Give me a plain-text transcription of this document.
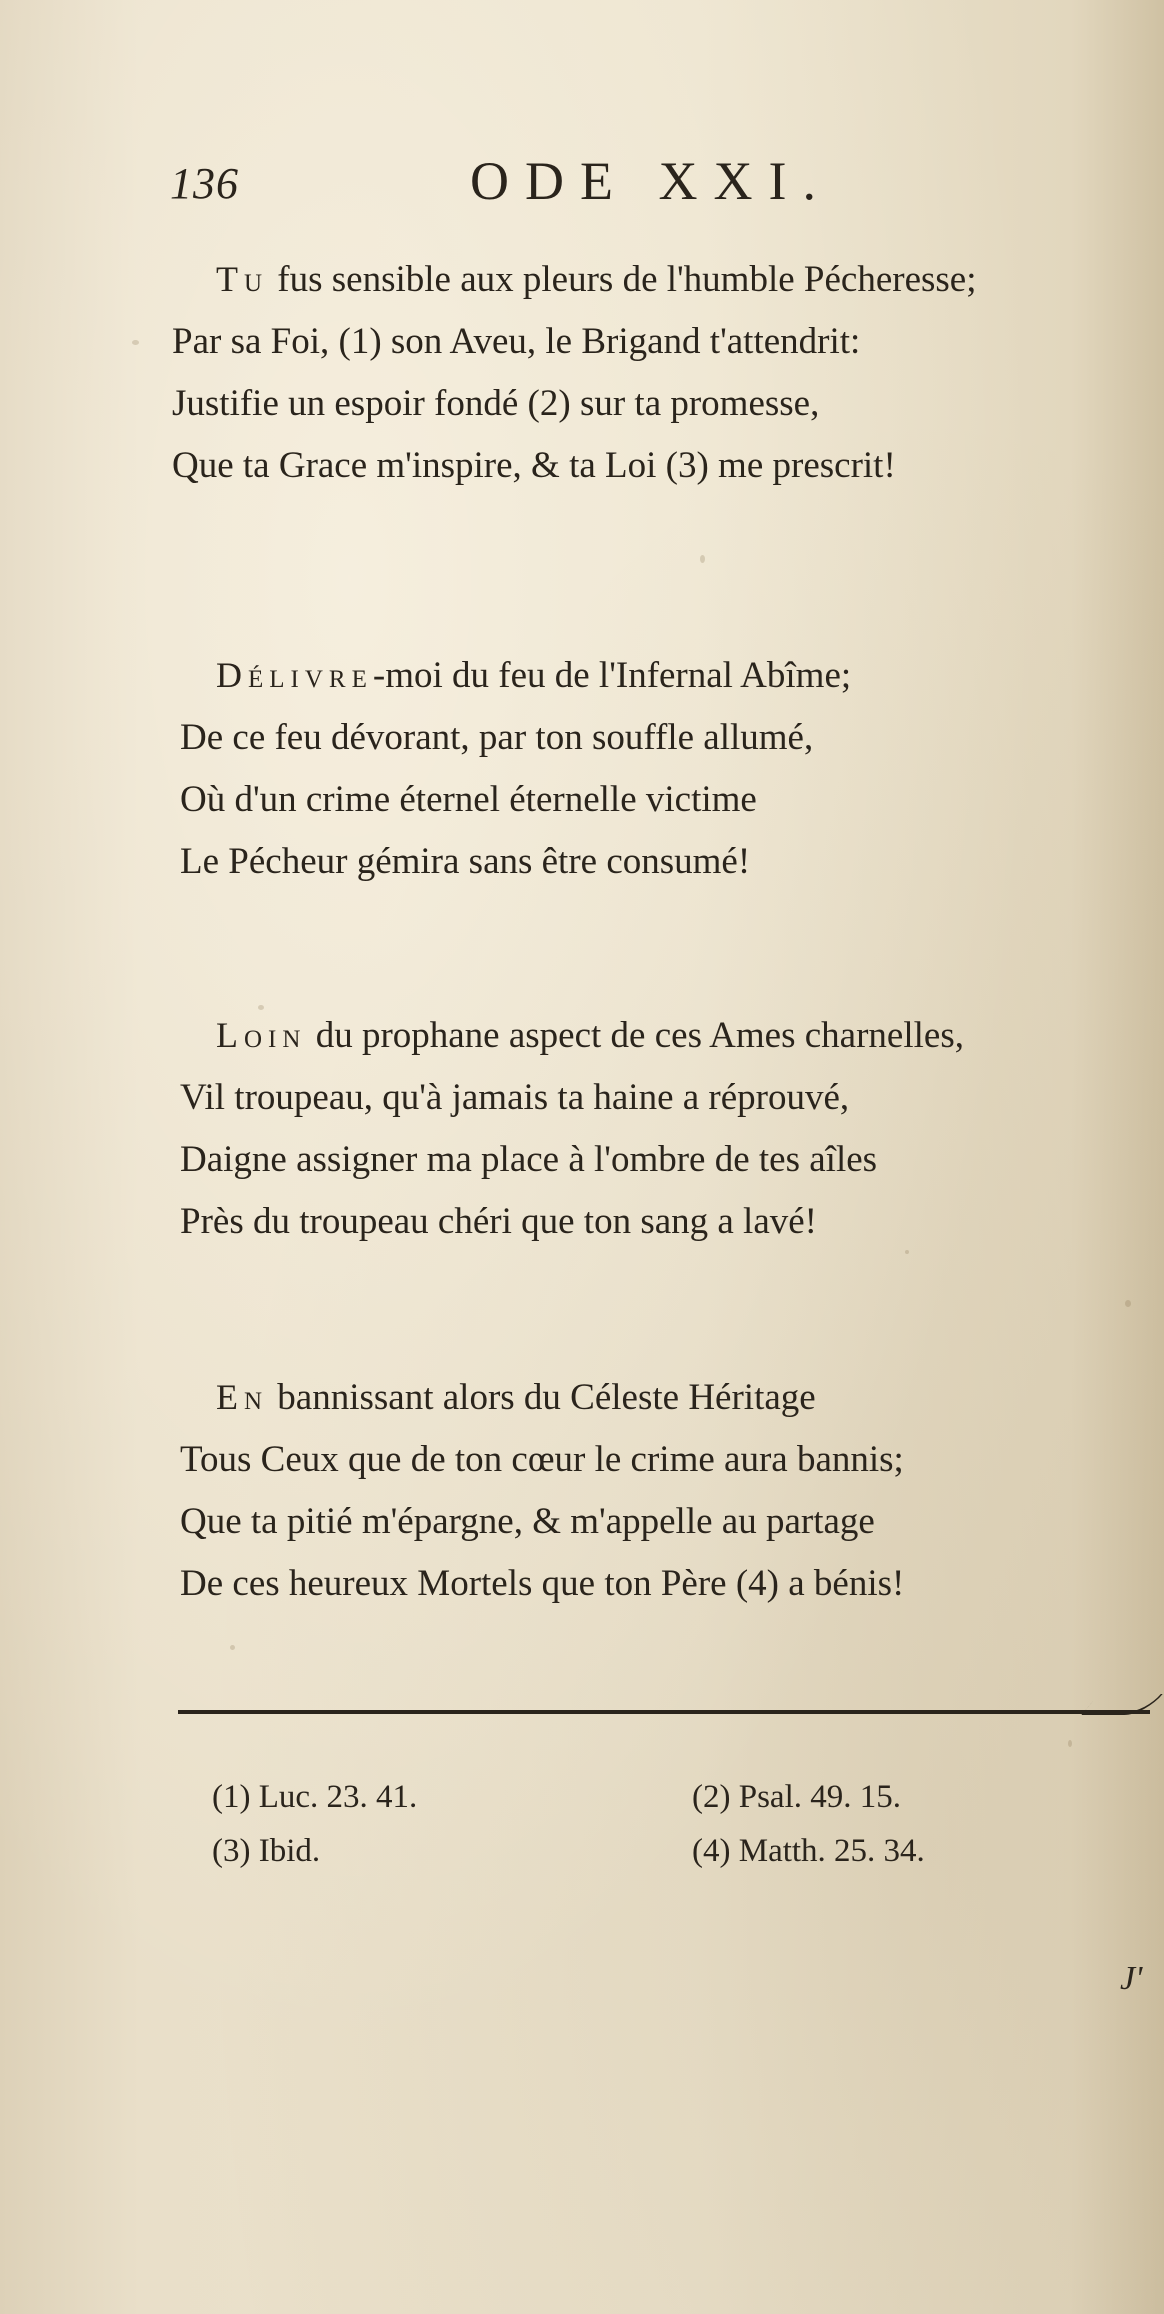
136	ODE XXI.
Tu fus sensible aux pleurs de l'humble Pécheresse;
Par sa Foi, (1) son Aveu, le Brigand t'attendrit:
Justifie un espoir fondé (2) sur ta promesse,
Que ta Grace m'inspire, & ta Loi (3) me prescrit!
Délivre-moi du feu de l'Infernal Abîme;
De ce feu dévorant, par ton souffle allumé,
Où d'un crime éternel éternelle victime
Le Pécheur gémira sans être consumé!
Loin du prophane aspect de ces Ames charnelles,
Vil troupeau, qu'à jamais ta haine a réprouvé,
Daigne assigner ma place à l'ombre de tes aîles
Près du troupeau chéri que ton sang a lavé!
En bannissant alors du Céleste Héritage
Tous Ceux que de ton cœur le crime aura bannis;
Que ta pitié m'épargne, & m'appelle au partage
De ces heureux Mortels que ton Père (4) a bénis!
(1) Luc. 23. 41.	(2) Psal. 49. 15.
(3) Ibid.	(4) Matth. 25. 34.
J'
